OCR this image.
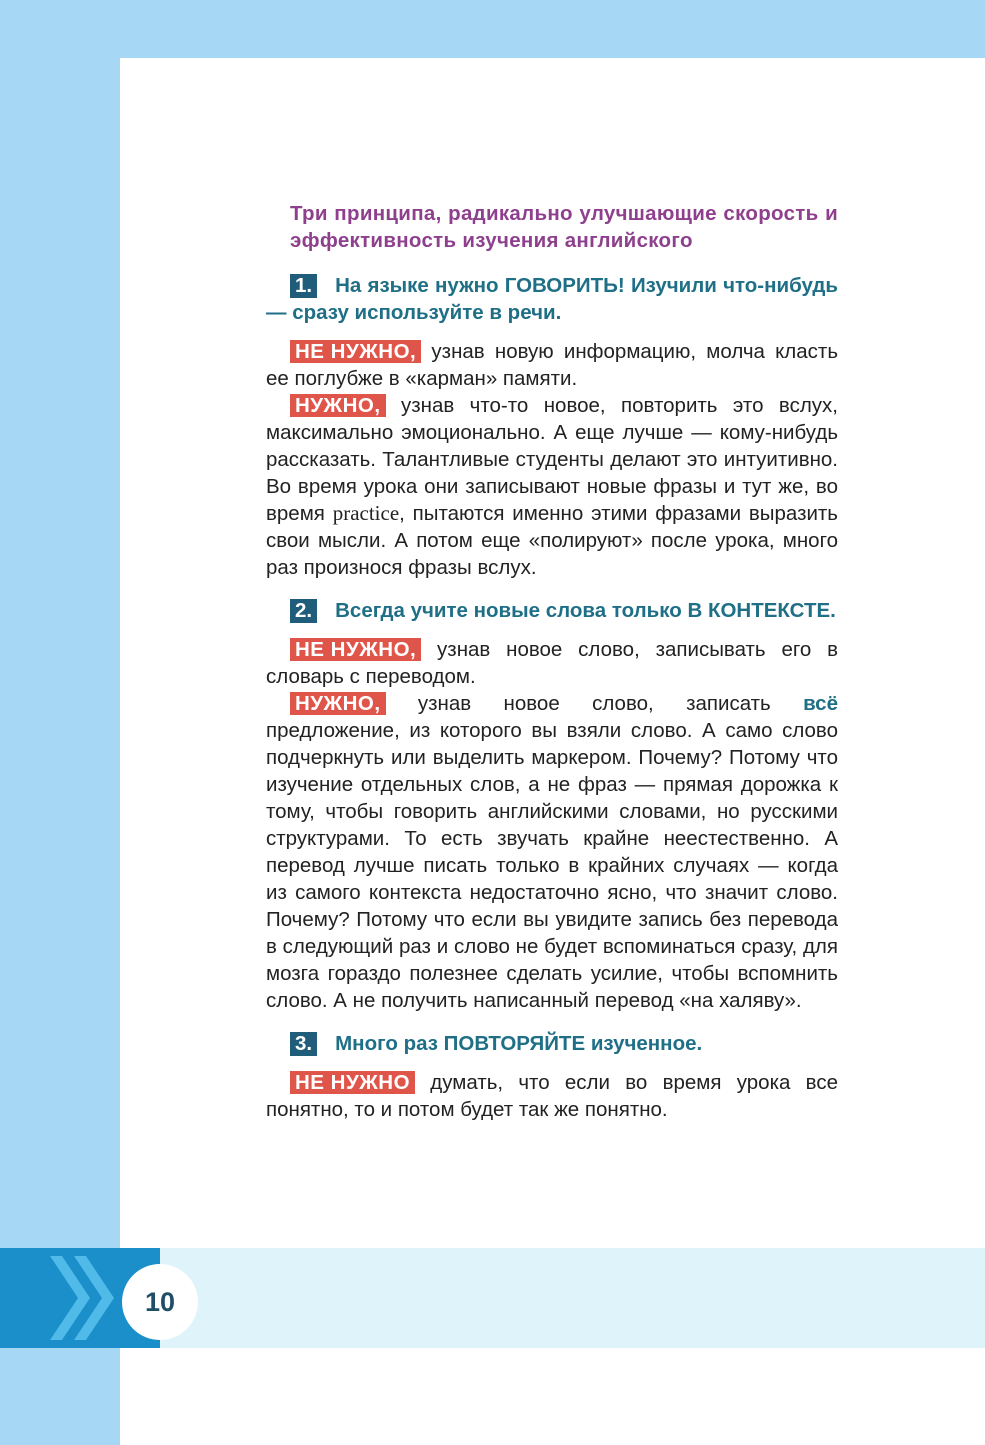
Три принципа, радикально улучшающие скорость и эффективность изучения английского

1. На языке нужно ГОВОРИТЬ! Изучили что-нибудь — сразу используйте в речи.

НЕ НУЖНО, узнав новую информацию, молча класть ее поглубже в «карман» памяти.

НУЖНО, узнав что-то новое, повторить это вслух, максимально эмоционально. А еще лучше — кому-нибудь рассказать. Талантливые студенты делают это интуитивно. Во время урока они записывают новые фразы и тут же, во время practice, пытаются именно этими фразами выразить свои мысли. А потом еще «полируют» после урока, много раз произнося фразы вслух.

2. Всегда учите новые слова только В КОНТЕКСТЕ.

НЕ НУЖНО, узнав новое слово, записывать его в словарь с переводом.

НУЖНО, узнав новое слово, записать всё предложение, из которого вы взяли слово. А само слово подчеркнуть или выделить маркером. Почему? Потому что изучение отдельных слов, а не фраз — прямая дорожка к тому, чтобы говорить английскими словами, но русскими структурами. То есть звучать крайне неестественно. А перевод лучше писать только в крайних случаях — когда из самого контекста недостаточно ясно, что значит слово. Почему? Потому что если вы увидите запись без перевода в следующий раз и слово не будет вспоминаться сразу, для мозга гораздо полезнее сделать усилие, чтобы вспомнить слово. А не получить написанный перевод «на халяву».

3. Много раз ПОВТОРЯЙТЕ изученное.

НЕ НУЖНО думать, что если во время урока все понятно, то и потом будет так же понятно.

10
